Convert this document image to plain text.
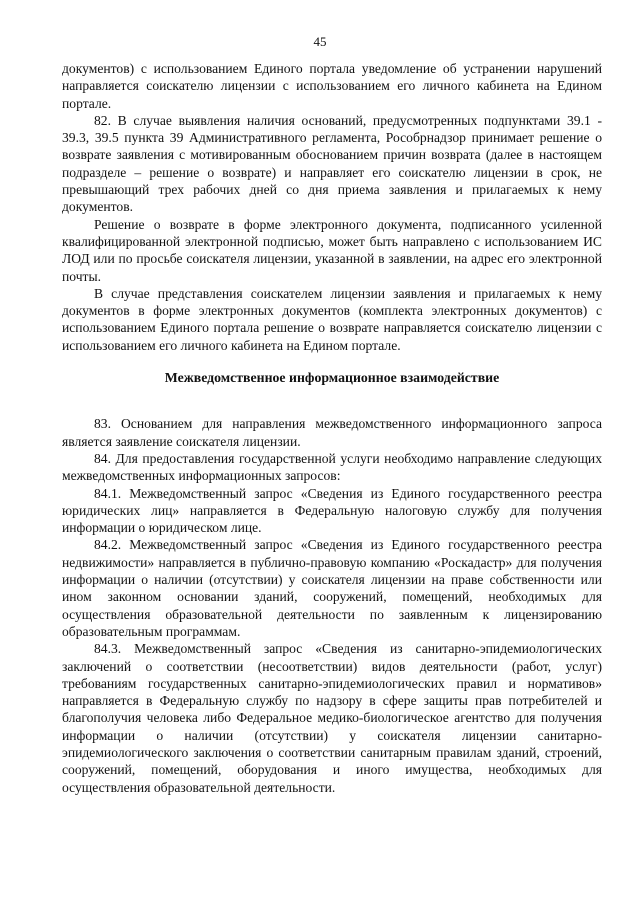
45

документов) с использованием Единого портала уведомление об устранении нарушений направляется соискателю лицензии с использованием его личного кабинета на Едином портале.

82. В случае выявления наличия оснований, предусмотренных подпунктами 39.1 - 39.3, 39.5 пункта 39 Административного регламента, Рособрнадзор принимает решение о возврате заявления с мотивированным обоснованием причин возврата (далее в настоящем подразделе – решение о возврате) и направляет его соискателю лицензии в срок, не превышающий трех рабочих дней со дня приема заявления и прилагаемых к нему документов.

Решение о возврате в форме электронного документа, подписанного усиленной квалифицированной электронной подписью, может быть направлено с использованием ИС ЛОД или по просьбе соискателя лицензии, указанной в заявлении, на адрес его электронной почты.

В случае представления соискателем лицензии заявления и прилагаемых к нему документов в форме электронных документов (комплекта электронных документов) с использованием Единого портала решение о возврате направляется соискателю лицензии с использованием его личного кабинета на Едином портале.

Межведомственное информационное взаимодействие

83. Основанием для направления межведомственного информационного запроса является заявление соискателя лицензии.

84. Для предоставления государственной услуги необходимо направление следующих межведомственных информационных запросов:

84.1. Межведомственный запрос «Сведения из Единого государственного реестра юридических лиц» направляется в Федеральную налоговую службу для получения информации о юридическом лице.

84.2. Межведомственный запрос «Сведения из Единого государственного реестра недвижимости» направляется в публично-правовую компанию «Роскадастр» для получения информации о наличии (отсутствии) у соискателя лицензии на праве собственности или ином законном основании зданий, сооружений, помещений, необходимых для осуществления образовательной деятельности по заявленным к лицензированию образовательным программам.

84.3. Межведомственный запрос «Сведения из санитарно-эпидемиологических заключений о соответствии (несоответствии) видов деятельности (работ, услуг) требованиям государственных санитарно-эпидемиологических правил и нормативов» направляется в Федеральную службу по надзору в сфере защиты прав потребителей и благополучия человека либо Федеральное медико-биологическое агентство для получения информации о наличии (отсутствии) у соискателя лицензии санитарно-эпидемиологического заключения о соответствии санитарным правилам зданий, строений, сооружений, помещений, оборудования и иного имущества, необходимых для осуществления образовательной деятельности.
